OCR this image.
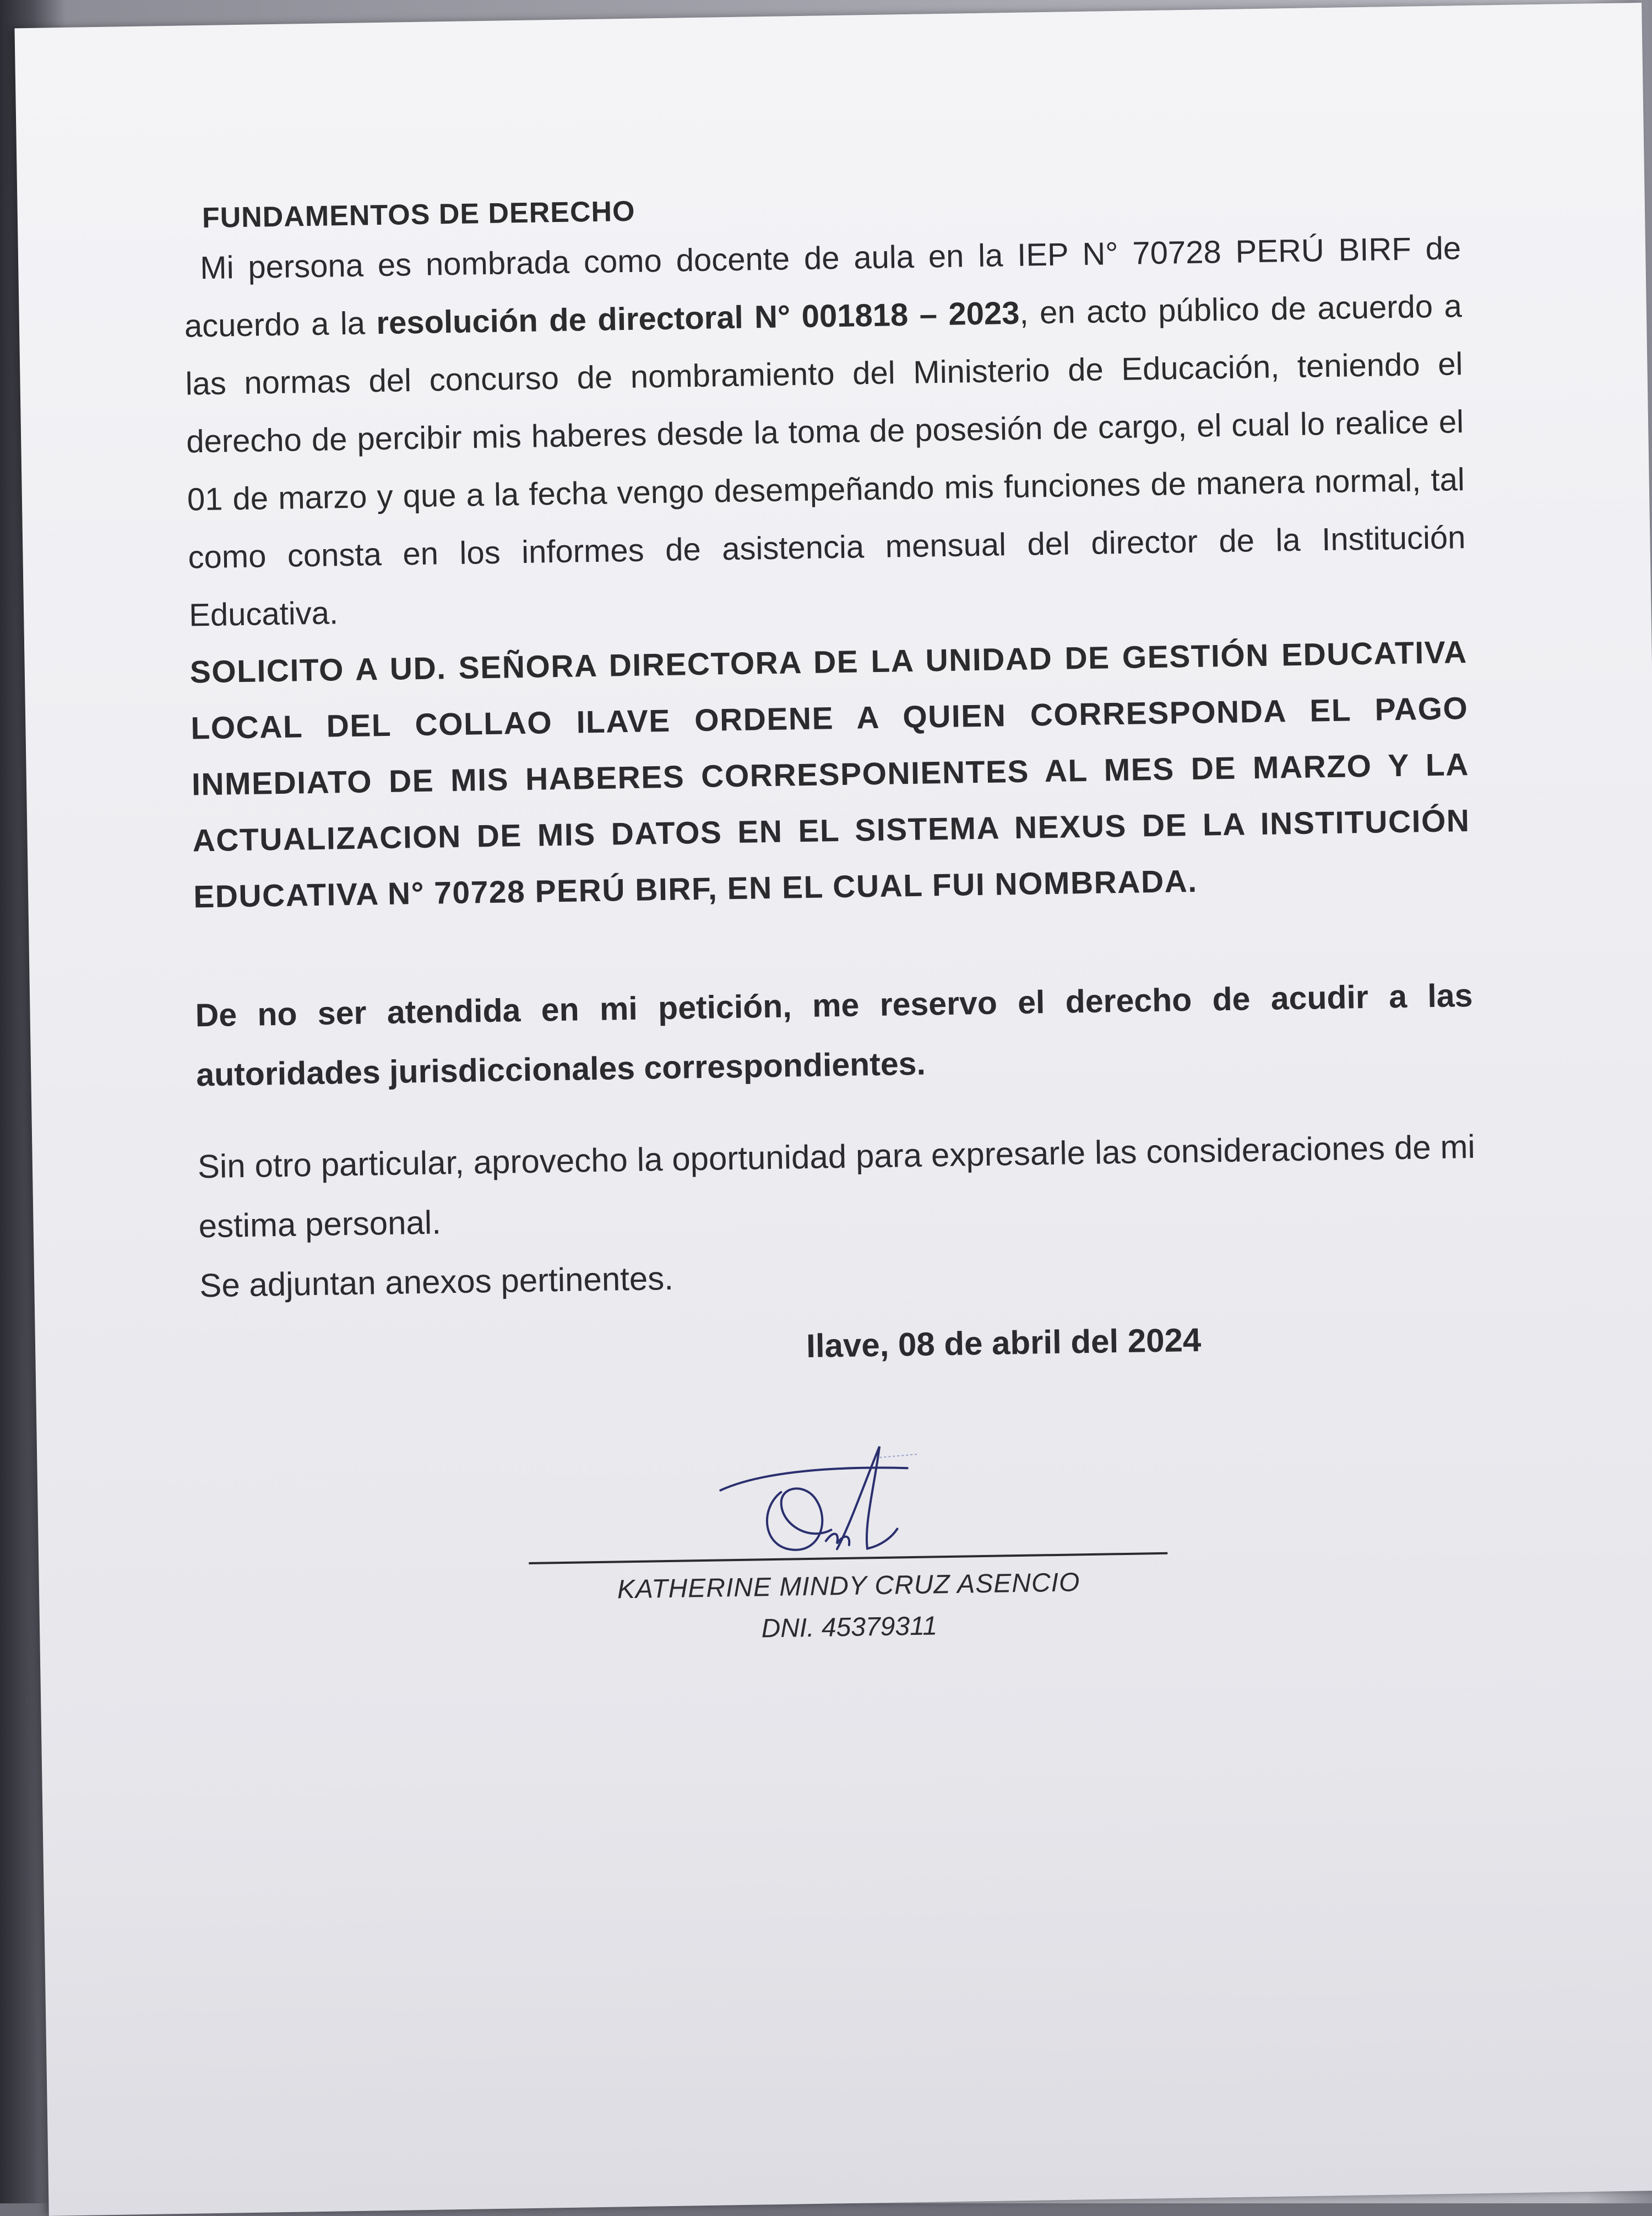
FUNDAMENTOS DE DERECHO

Mi persona es nombrada como docente de aula en la IEP N° 70728 PERÚ BIRF de acuerdo a la resolución de directoral N° 001818 – 2023, en acto público de acuerdo a las normas del concurso de nombramiento del Ministerio de Educación, teniendo el derecho de percibir mis haberes desde la toma de posesión de cargo, el cual lo realice el 01 de marzo y que a la fecha vengo desempeñando mis funciones de manera normal, tal como consta en los informes de asistencia mensual del director de la Institución Educativa.

SOLICITO A UD. SEÑORA DIRECTORA DE LA UNIDAD DE GESTIÓN EDUCATIVA LOCAL DEL COLLAO ILAVE ORDENE A QUIEN CORRESPONDA EL PAGO INMEDIATO DE MIS HABERES CORRESPONIENTES AL MES DE MARZO Y LA ACTUALIZACION DE MIS DATOS EN EL SISTEMA NEXUS DE LA INSTITUCIÓN EDUCATIVA N° 70728 PERÚ BIRF, EN EL CUAL FUI NOMBRADA.

De no ser atendida en mi petición, me reservo el derecho de acudir a las autoridades jurisdiccionales correspondientes.

Sin otro particular, aprovecho la oportunidad para expresarle las consideraciones de mi estima personal.

Se adjuntan anexos pertinentes.

Ilave, 08 de abril del 2024
KATHERINE MINDY CRUZ ASENCIO
DNI. 45379311
